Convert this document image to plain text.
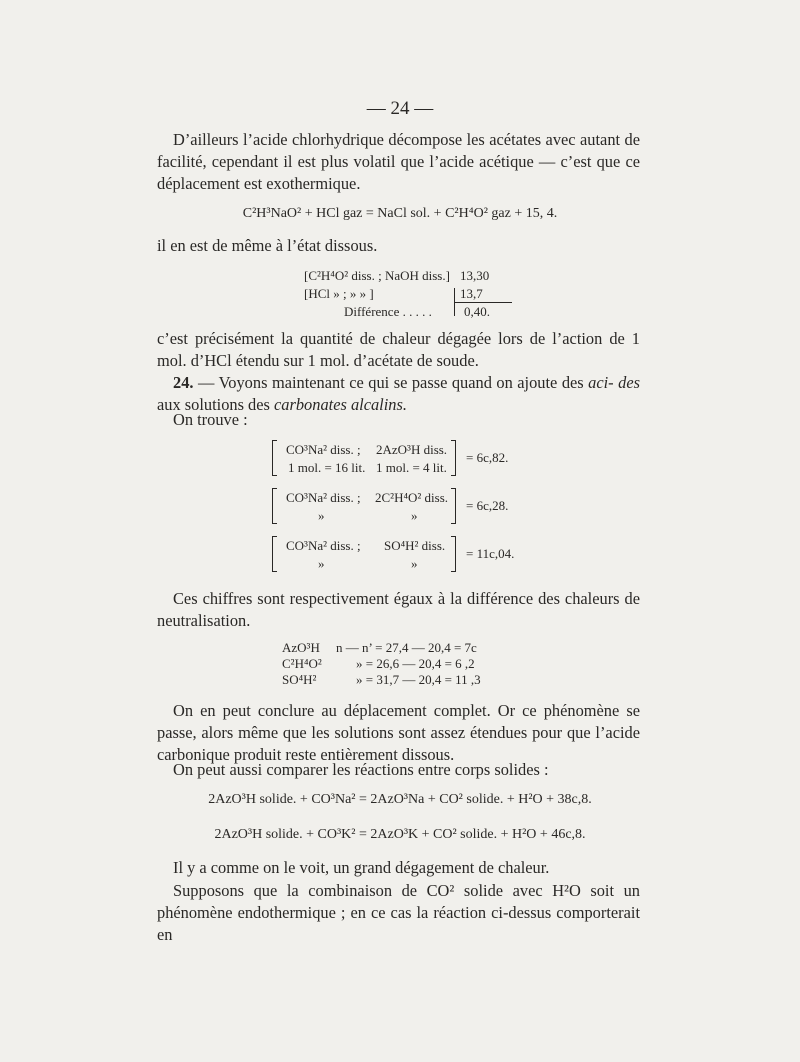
— 24 —
D’ailleurs l’acide chlorhydrique décompose les acétates avec autant de facilité, cependant il est plus volatil que l’acide acétique — c’est que ce déplacement est exothermique.
C²H³NaO² + HCl gaz = NaCl sol. + C²H⁴O² gaz + 15, 4.
il en est de même à l’état dissous.
[C²H⁴O² diss. ; NaOH diss.] 13,30
[HCl » ; » » ]	13,7
Différence . . . . . 0,40.
c’est précisément la quantité de chaleur dégagée lors de l’action de 1 mol. d’HCl étendu sur 1 mol. d’acétate de soude.
24. — Voyons maintenant ce qui se passe quand on ajoute des aci- des aux solutions des carbonates alcalins.
On trouve :
CO³Na² diss. ; 2AzO³H diss.
1 mol. = 16 lit. 1 mol. = 4 lit.
= 6c,82.
CO³Na² diss. ; 2C²H⁴O² diss.
»	»
= 6c,28.
CO³Na² diss. ; SO⁴H² diss.
»	»
= 11c,04.
Ces chiffres sont respectivement égaux à la différence des chaleurs de neutralisation.
AzO³H n — n’ = 27,4 — 20,4 = 7c
C²H⁴O²	» = 26,6 — 20,4 = 6 ,2
SO⁴H²	» = 31,7 — 20,4 = 11 ,3
On en peut conclure au déplacement complet. Or ce phénomène se passe, alors même que les solutions sont assez étendues pour que l’acide carbonique produit reste entièrement dissous.
On peut aussi comparer les réactions entre corps solides :
2AzO³H solide. + CO³Na² = 2AzO³Na + CO² solide. + H²O + 38c,8.
2AzO³H solide. + CO³K² = 2AzO³K + CO² solide. + H²O + 46c,8.
Il y a comme on le voit, un grand dégagement de chaleur.
Supposons que la combinaison de CO² solide avec H²O soit un phénomène endothermique ; en ce cas la réaction ci-dessus comporterait en
